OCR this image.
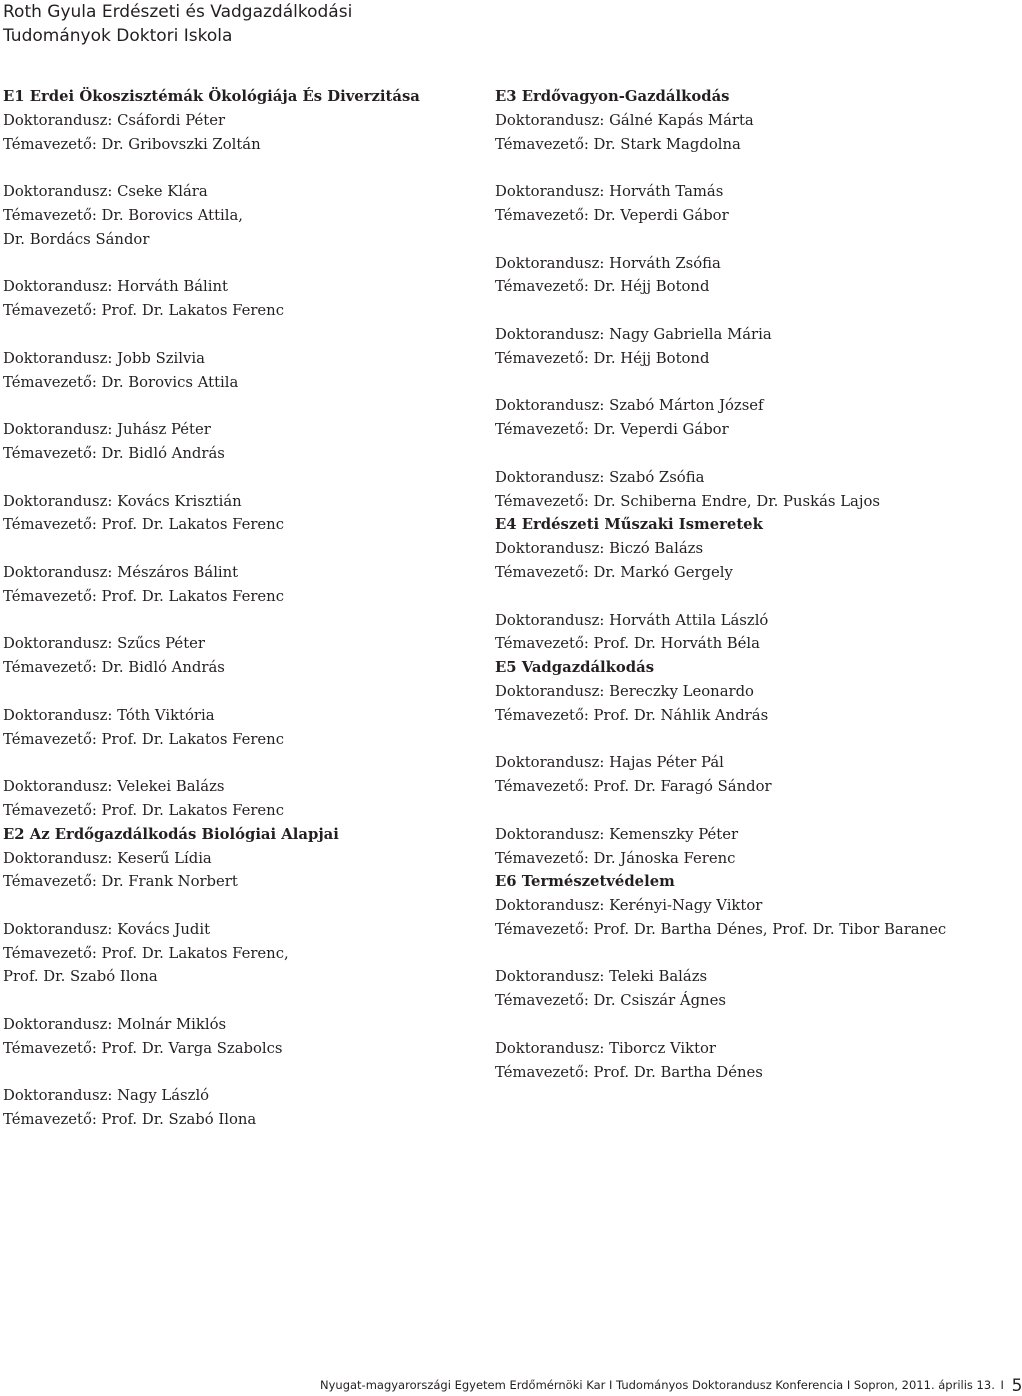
Roth Gyula Erdészeti és Vadgazdálkodási
Tudományok Doktori Iskola
E1 Erdei Ökoszisztémák Ökológiája És Diverzitása
Doktorandusz: Csáfordi Péter
Témavezető: Dr. Gribovszki Zoltán
Doktorandusz: Cseke Klára
Témavezető: Dr. Borovics Attila,
Dr. Bordács Sándor
Doktorandusz: Horváth Bálint
Témavezető: Prof. Dr. Lakatos Ferenc
Doktorandusz: Jobb Szilvia
Témavezető: Dr. Borovics Attila
Doktorandusz: Juhász Péter
Témavezető: Dr. Bidló András
Doktorandusz: Kovács Krisztián
Témavezető: Prof. Dr. Lakatos Ferenc
Doktorandusz: Mészáros Bálint
Témavezető: Prof. Dr. Lakatos Ferenc
Doktorandusz: Szűcs Péter
Témavezető: Dr. Bidló András
Doktorandusz: Tóth Viktória
Témavezető: Prof. Dr. Lakatos Ferenc
Doktorandusz: Velekei Balázs
Témavezető: Prof. Dr. Lakatos Ferenc
E2 Az Erdőgazdálkodás Biológiai Alapjai
Doktorandusz: Keserű Lídia
Témavezető: Dr. Frank Norbert
Doktorandusz: Kovács Judit
Témavezető: Prof. Dr. Lakatos Ferenc,
Prof. Dr. Szabó Ilona
Doktorandusz: Molnár Miklós
Témavezető: Prof. Dr. Varga Szabolcs
Doktorandusz: Nagy László
Témavezető: Prof. Dr. Szabó Ilona
E3 Erdővagyon-Gazdálkodás
Doktorandusz: Gálné Kapás Márta
Témavezető: Dr. Stark Magdolna
Doktorandusz: Horváth Tamás
Témavezető: Dr. Veperdi Gábor
Doktorandusz: Horváth Zsófia
Témavezető: Dr. Héjj Botond
Doktorandusz: Nagy Gabriella Mária
Témavezető: Dr. Héjj Botond
Doktorandusz: Szabó Márton József
Témavezető: Dr. Veperdi Gábor
Doktorandusz: Szabó Zsófia
Témavezető: Dr. Schiberna Endre, Dr. Puskás Lajos
E4 Erdészeti Műszaki Ismeretek
Doktorandusz: Biczó Balázs
Témavezető: Dr. Markó Gergely
Doktorandusz: Horváth Attila László
Témavezető: Prof. Dr. Horváth Béla
E5 Vadgazdálkodás
Doktorandusz: Bereczky Leonardo
Témavezető: Prof. Dr. Náhlik András
Doktorandusz: Hajas Péter Pál
Témavezető: Prof. Dr. Faragó Sándor
Doktorandusz: Kemenszky Péter
Témavezető: Dr. Jánoska Ferenc
E6 Természetvédelem
Doktorandusz: Kerényi-Nagy Viktor
Témavezető: Prof. Dr. Bartha Dénes, Prof. Dr. Tibor Baranec
Doktorandusz: Teleki Balázs
Témavezető: Dr. Csiszár Ágnes
Doktorandusz: Tiborcz Viktor
Témavezető: Prof. Dr. Bartha Dénes
Nyugat-magyarországi Egyetem Erdőmérnöki Kar I Tudományos Doktorandusz Konferencia I Sopron, 2011. április 13. I 5
